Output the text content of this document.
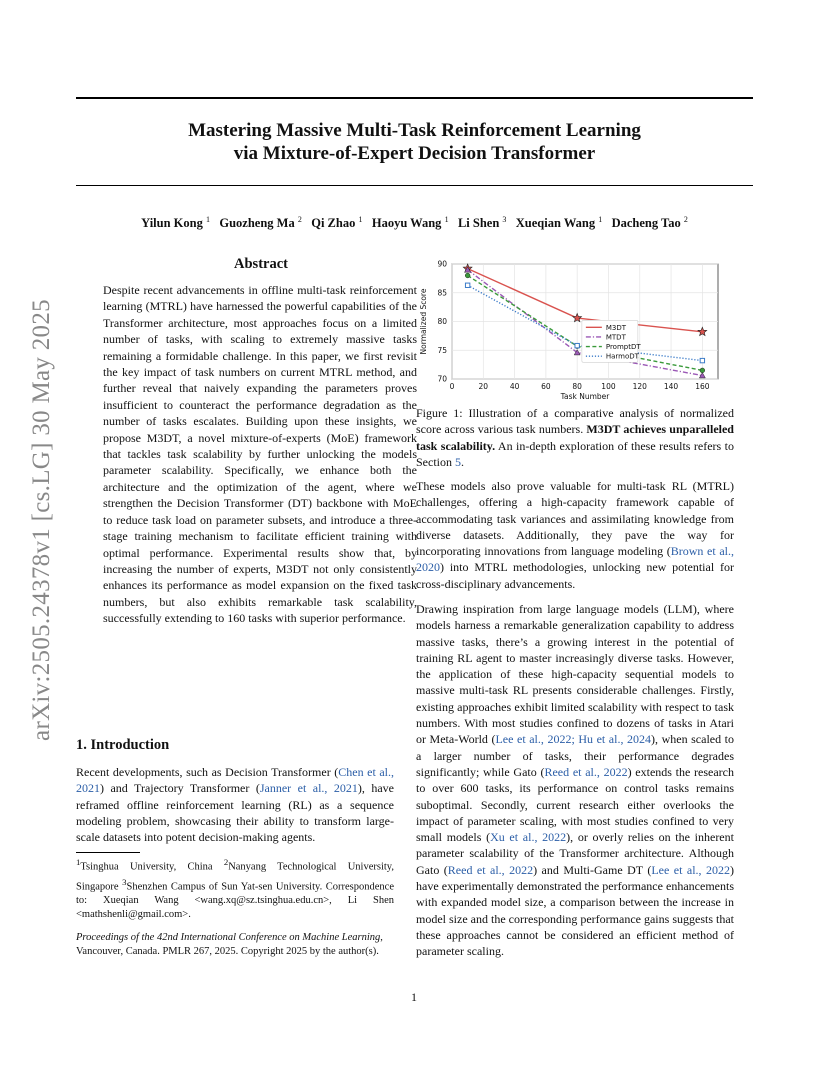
Mastering Massive Multi-Task Reinforcement Learning
via Mixture-of-Expert Decision Transformer
Yilun Kong $^1$ Guozheng Ma $^2$ Qi Zhao $^1$ Haoyu Wang $^1$ Li Shen $^3$ Xueqian Wang $^1$ Dacheng Tao $^2$
arXiv:2505.24378v1 [cs.LG] 30 May 2025
Abstract
Despite recent advancements in offline multi-task reinforcement learning (MTRL) have harnessed the powerful capabilities of the Transformer architecture, most approaches focus on a limited number of tasks, with scaling to extremely massive tasks remaining a formidable challenge. In this paper, we first revisit the key impact of task numbers on current MTRL method, and further reveal that naively expanding the parameters proves insufficient to counteract the performance degradation as the number of tasks escalates. Building upon these insights, we propose M3DT, a novel mixture-of-experts (MoE) framework that tackles task scalability by further unlocking the models parameter scalability. Specifically, we enhance both the architecture and the optimization of the agent, where we strengthen the Decision Transformer (DT) backbone with MoE to reduce task load on parameter subsets, and introduce a three-stage training mechanism to facilitate efficient training with optimal performance. Experimental results show that, by increasing the number of experts, M3DT not only consistently enhances its performance as model expansion on the fixed task numbers, but also exhibits remarkable task scalability, successfully extending to 160 tasks with superior performance.
1. Introduction
Recent developments, such as Decision Transformer (Chen et al., 2021) and Trajectory Transformer (Janner et al., 2021), have reframed offline reinforcement learning (RL) as a sequence modeling problem, showcasing their ability to transform large-scale datasets into potent decision-making agents.
$^1$Tsinghua University, China $^2$Nanyang Technological University, Singapore $^3$Shenzhen Campus of Sun Yat-sen University. Correspondence to: Xueqian Wang <wang.xq@sz.tsinghua.edu.cn>, Li Shen <mathshenli@gmail.com>.
Proceedings of the 42nd International Conference on Machine Learning, Vancouver, Canada. PMLR 267, 2025. Copyright 2025 by the author(s).
1
0	20	40	60	80	100 120 140 160
70
75
80
85
90
Task Number
Normalized Score	M3DT
MTDT
PromptDT
HarmoDT
Figure 1: Illustration of a comparative analysis of normalized score across various task numbers. M3DT achieves unparalleled task scalability. An in-depth exploration of these results refers to Section 5.
These models also prove valuable for multi-task RL (MTRL) challenges, offering a high-capacity framework capable of accommodating task variances and assimilating knowledge from diverse datasets. Additionally, they pave the way for incorporating innovations from language modeling (Brown et al., 2020) into MTRL methodologies, unlocking new potential for cross-disciplinary advancements.
Drawing inspiration from large language models (LLM), where models harness a remarkable generalization capability to address massive tasks, there’s a growing interest in the potential of training RL agent to master increasingly diverse tasks. However, the application of these high-capacity sequential models to massive multi-task RL presents considerable challenges. Firstly, existing approaches exhibit limited scalability with respect to task numbers. With most studies confined to dozens of tasks in Atari or Meta-World (Lee et al., 2022; Hu et al., 2024), when scaled to a larger number of tasks, their performance degrades significantly; while Gato (Reed et al., 2022) extends the research to over 600 tasks, its performance on control tasks remains suboptimal. Secondly, current research either overlooks the impact of parameter scaling, with most studies confined to very small models (Xu et al., 2022), or overly relies on the inherent parameter scalability of the Transformer architecture. Although Gato (Reed et al., 2022) and Multi-Game DT (Lee et al., 2022) have experimentally demonstrated the performance enhancements with expanded model size, a comparison between the increase in model size and the corresponding performance gains suggests that these approaches cannot be considered an efficient method of parameter scaling.
